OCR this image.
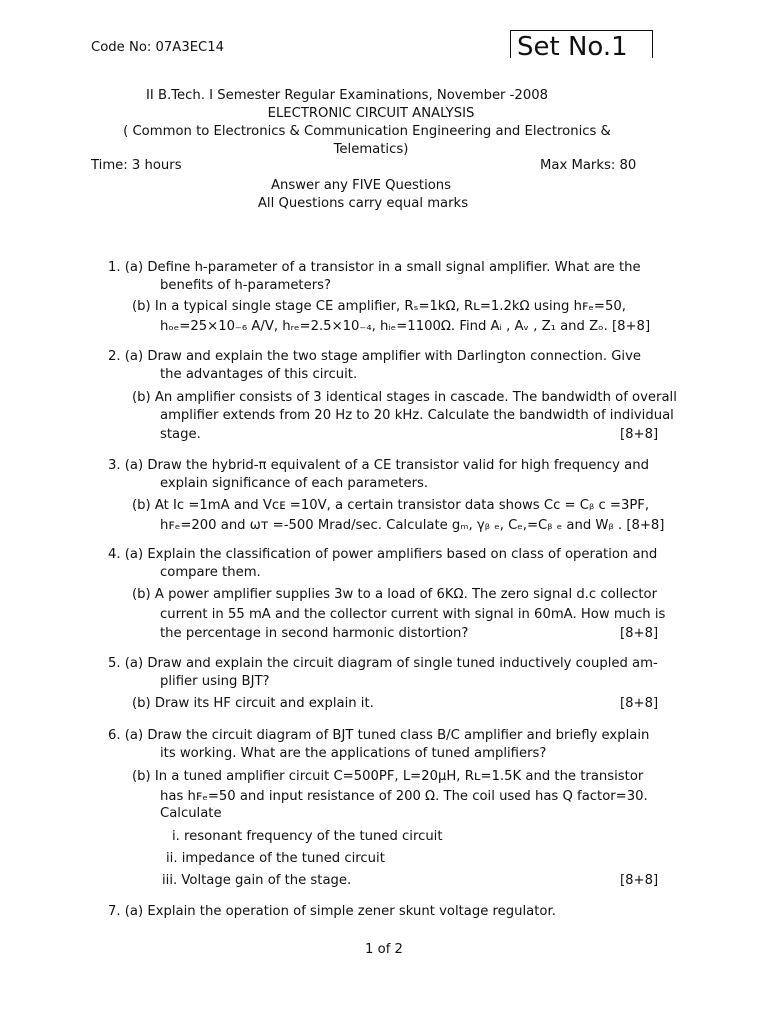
Code No: 07A3EC14	Set No.1
II B.Tech. I Semester Regular Examinations, November -2008
ELECTRONIC CIRCUIT ANALYSIS
( Common to Electronics & Communication Engineering and Electronics &
Telematics)
Time: 3 hours	Max Marks: 80
Answer any FIVE Questions
All Questions carry equal marks
1. (a) Define h-parameter of a transistor in a small signal amplifier. What are the
benefits of h-parameters?
(b) In a typical single stage CE amplifier, Rₛ=1kΩ, Rʟ=1.2kΩ using hꜰₑ=50,
hₒₑ=25×10₋₆ A/V, hᵣₑ=2.5×10₋₄, hᵢₑ=1100Ω. Find Aᵢ , Aᵥ , Z₁ and Zₒ. [8+8]
2. (a) Draw and explain the two stage amplifier with Darlington connection. Give
the advantages of this circuit.
(b) An amplifier consists of 3 identical stages in cascade. The bandwidth of overall
amplifier extends from 20 Hz to 20 kHz. Calculate the bandwidth of individual
stage.	[8+8]
3. (a) Draw the hybrid-π equivalent of a CE transistor valid for high frequency and
explain significance of each parameters.
(b) At Iᴄ =1mA and Vᴄᴇ =10V, a certain transistor data shows Cᴄ = Cᵦ ᴄ =3PF,
hꜰₑ=200 and ωᴛ =-500 Mrad/sec. Calculate gₘ, γᵦ ₑ, Cₑ,=Cᵦ ₑ and Wᵦ . [8+8]
4. (a) Explain the classification of power amplifiers based on class of operation and
compare them.
(b) A power amplifier supplies 3w to a load of 6KΩ. The zero signal d.c collector
current in 55 mA and the collector current with signal in 60mA. How much is
the percentage in second harmonic distortion?	[8+8]
5. (a) Draw and explain the circuit diagram of single tuned inductively coupled am-
plifier using BJT?
(b) Draw its HF circuit and explain it.	[8+8]
6. (a) Draw the circuit diagram of BJT tuned class B/C amplifier and briefly explain
its working. What are the applications of tuned amplifiers?
(b) In a tuned amplifier circuit C=500PF, L=20μH, Rʟ=1.5K and the transistor
has hꜰₑ=50 and input resistance of 200 Ω. The coil used has Q factor=30.
Calculate
i. resonant frequency of the tuned circuit
ii. impedance of the tuned circuit
iii. Voltage gain of the stage.	[8+8]
7. (a) Explain the operation of simple zener skunt voltage regulator.
1 of 2
